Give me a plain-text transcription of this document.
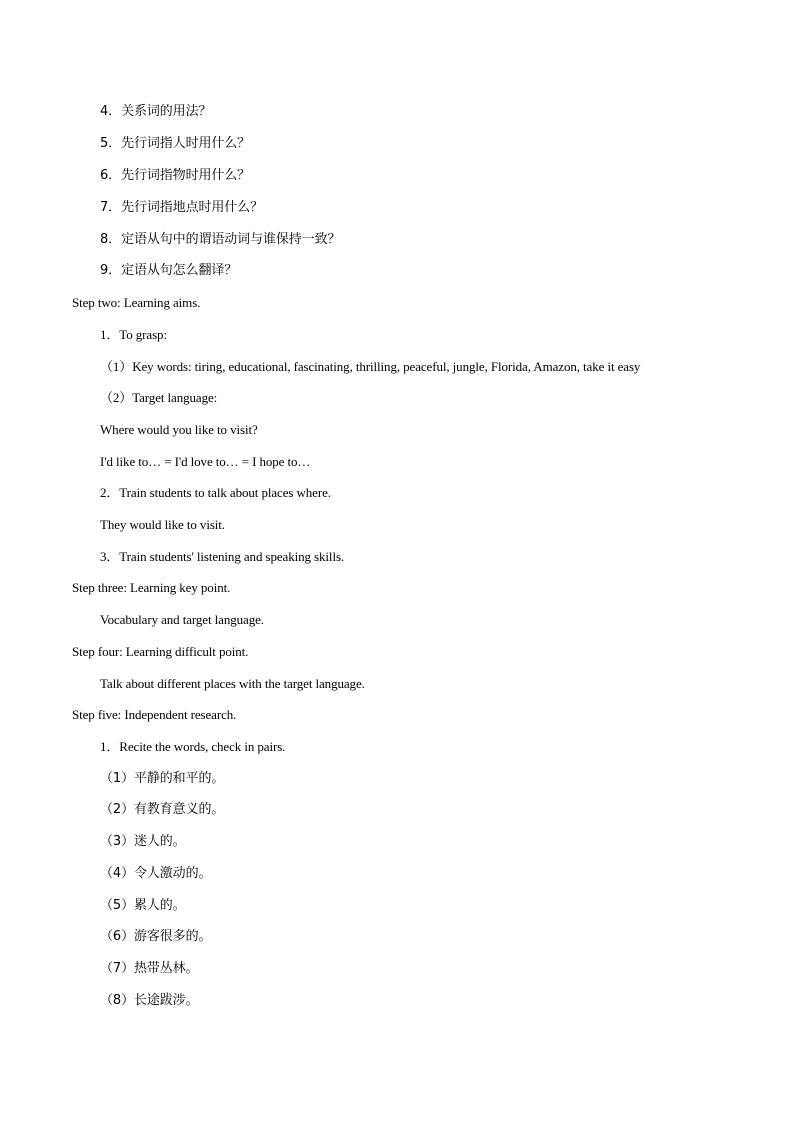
4．关系词的用法？
5．先行词指人时用什么？
6．先行词指物时用什么？
7．先行词指地点时用什么？
8．定语从句中的谓语动词与谁保持一致？
9．定语从句怎么翻译？
Step two: Learning aims.
1．To grasp:
（1）Key words: tiring, educational, fascinating, thrilling, peaceful, jungle, Florida, Amazon, take it easy
（2）Target language:
Where would you like to visit?
I'd like to… = I'd love to… = I hope to…
2．Train students to talk about places where.
They would like to visit.
3．Train students' listening and speaking skills.
Step three: Learning key point.
Vocabulary and target language.
Step four: Learning difficult point.
Talk about different places with the target language.
Step five: Independent research.
1．Recite the words, check in pairs.
（1）平静的和平的。
（2）有教育意义的。
（3）迷人的。
（4）令人激动的。
（5）累人的。
（6）游客很多的。
（7）热带丛林。
（8）长途跋涉。
